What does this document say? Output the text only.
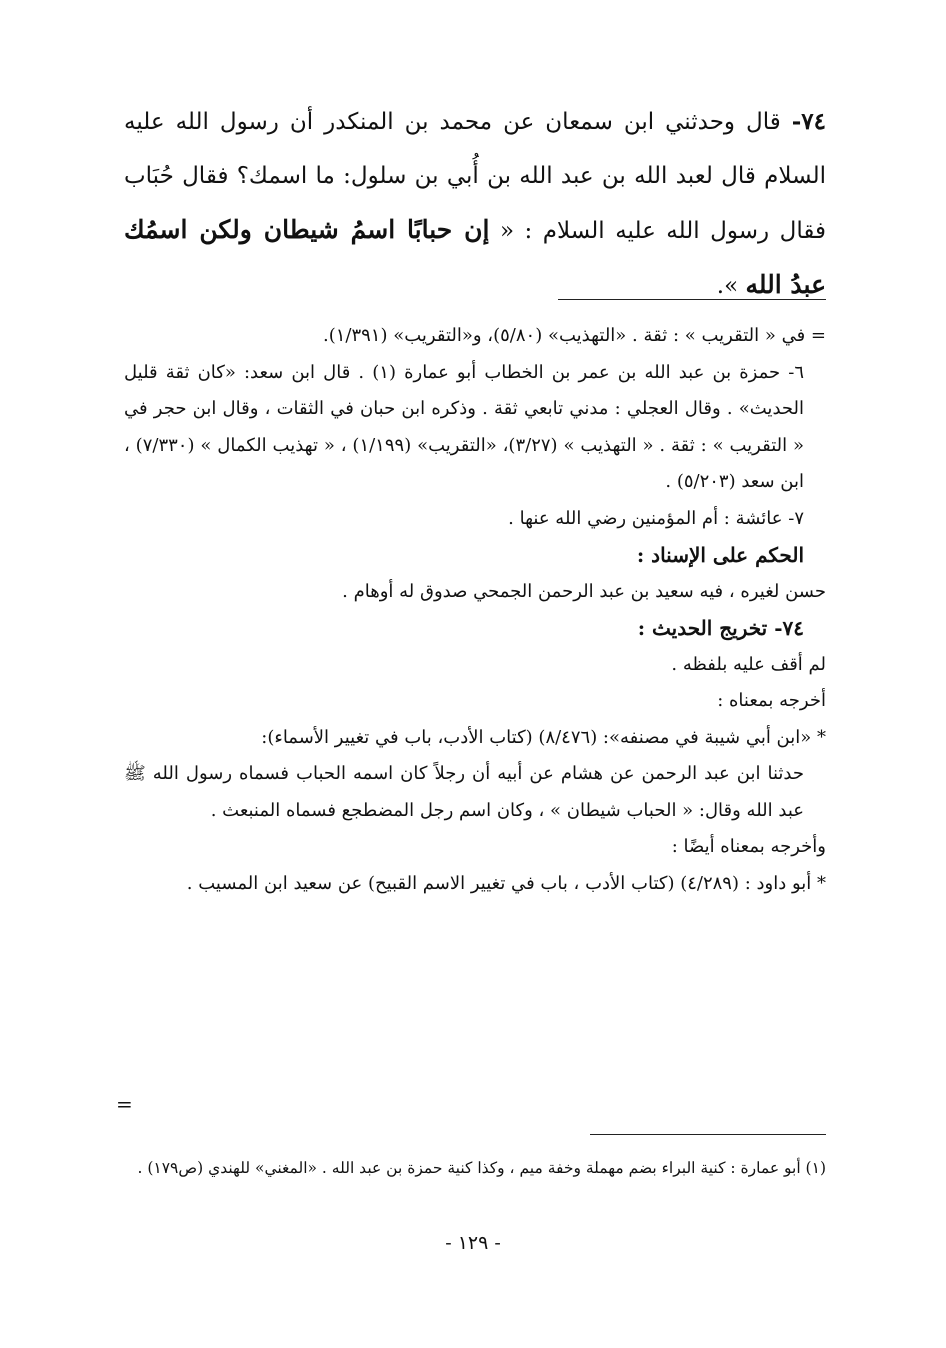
٧٤- قال وحدثني ابن سمعان عن محمد بن المنكدر أن رسول الله عليه السلام قال لعبد الله بن عبد الله بن أُبي بن سلول: ما اسمك؟ فقال حُبَاب فقال رسول الله عليه السلام : « إن حبابًا اسمُ شيطان ولكن اسمُك عبدُ الله ».

= في « التقريب » : ثقة . «التهذيب» (٥/٨٠)، و«التقريب» (١/٣٩١).

٦- حمزة بن عبد الله بن عمر بن الخطاب أبو عمارة (١) . قال ابن سعد: «كان ثقة قليل الحديث» . وقال العجلي : مدني تابعي ثقة . وذكره ابن حبان في الثقات ، وقال ابن حجر في « التقريب » : ثقة . « التهذيب » (٣/٢٧)، «التقريب» (١/١٩٩) ، « تهذيب الكمال » (٧/٣٣٠) ، ابن سعد (٥/٢٠٣) .

٧- عائشة : أم المؤمنين رضي الله عنها .

الحكم على الإسناد :

حسن لغيره ، فيه سعيد بن عبد الرحمن الجمحي صدوق له أوهام .

٧٤- تخريج الحديث :

لم أقف عليه بلفظه .

أخرجه بمعناه :

* «ابن أبي شيبة في مصنفه»: (٨/٤٧٦) (كتاب الأدب، باب في تغيير الأسماء):

حدثنا ابن عبد الرحمن عن هشام عن أبيه أن رجلاً كان اسمه الحباب فسماه رسول الله ﷺ عبد الله وقال: « الحباب شيطان » ، وكان اسم رجل المضطجع فسماه المنبعث .

وأخرجه بمعناه أيضًا :

* أبو داود : (٤/٢٨٩) (كتاب الأدب ، باب في تغيير الاسم القبيح) عن سعيد ابن المسيب .

=

(١) أبو عمارة : كنية البراء بضم مهملة وخفة ميم ، وكذا كنية حمزة بن عبد الله . «المغني» للهندي (ص١٧٩) .

- ١٢٩ -
